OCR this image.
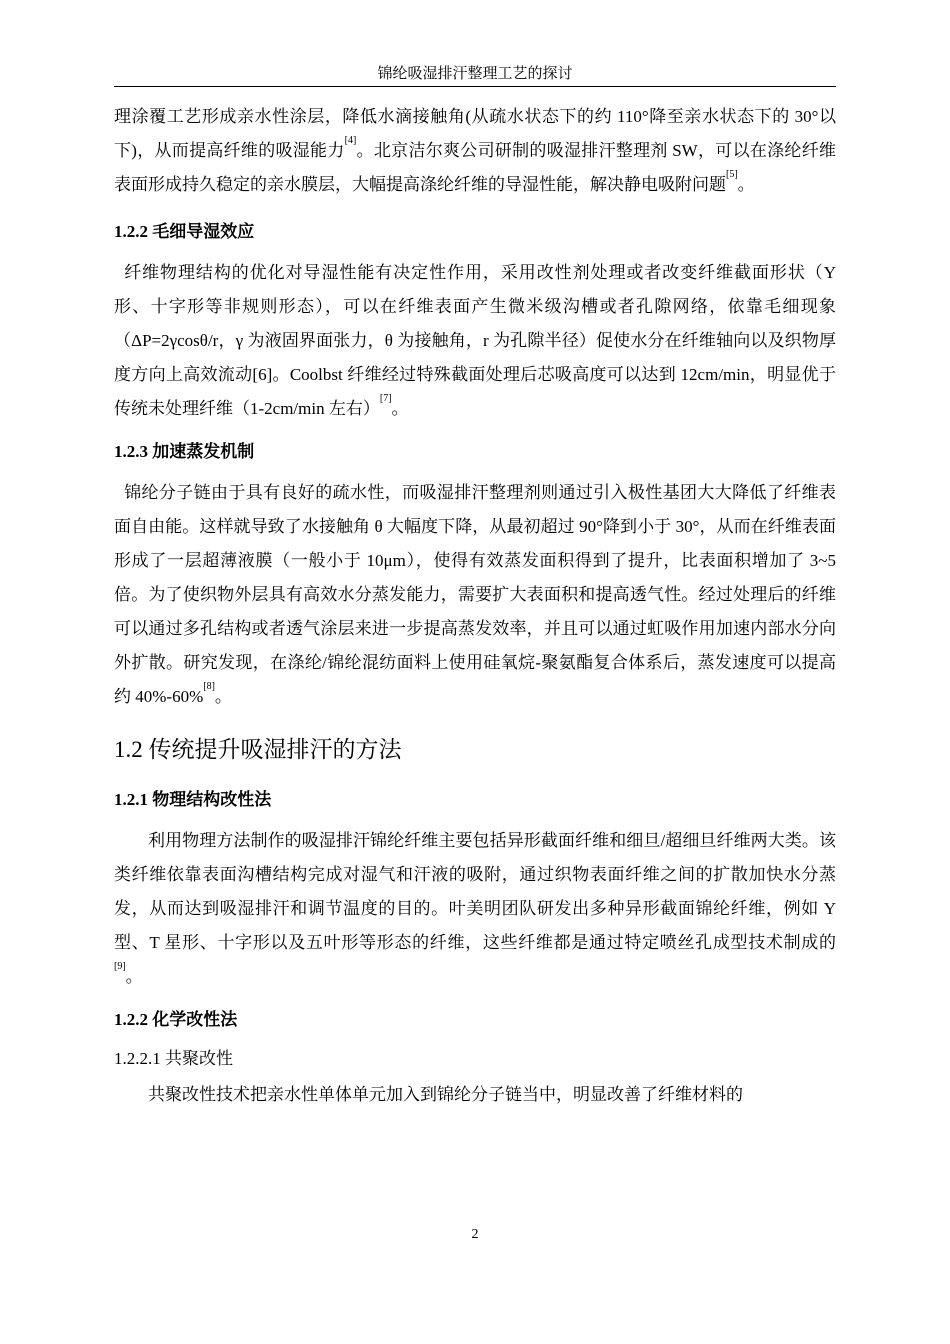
锦纶吸湿排汗整理工艺的探讨

理涂覆工艺形成亲水性涂层，降低水滴接触角(从疏水状态下的约 110°降至亲水状态下的 30°以下)，从而提高纤维的吸湿能力[4]。北京洁尔爽公司研制的吸湿排汗整理剂 SW，可以在涤纶纤维表面形成持久稳定的亲水膜层，大幅提高涤纶纤维的导湿性能，解决静电吸附问题[5]。

1.2.2 毛细导湿效应

纤维物理结构的优化对导湿性能有决定性作用，采用改性剂处理或者改变纤维截面形状（Y 形、十字形等非规则形态），可以在纤维表面产生微米级沟槽或者孔隙网络，依靠毛细现象（ΔP=2γcosθ/r，γ 为液固界面张力，θ 为接触角，r 为孔隙半径）促使水分在纤维轴向以及织物厚度方向上高效流动[6]。Coolbst 纤维经过特殊截面处理后芯吸高度可以达到 12cm/min，明显优于传统未处理纤维（1-2cm/min 左右）[7]。

1.2.3 加速蒸发机制

锦纶分子链由于具有良好的疏水性，而吸湿排汗整理剂则通过引入极性基团大大降低了纤维表面自由能。这样就导致了水接触角 θ 大幅度下降，从最初超过 90°降到小于 30°，从而在纤维表面形成了一层超薄液膜（一般小于 10μm），使得有效蒸发面积得到了提升，比表面积增加了 3~5 倍。为了使织物外层具有高效水分蒸发能力，需要扩大表面积和提高透气性。经过处理后的纤维可以通过多孔结构或者透气涂层来进一步提高蒸发效率，并且可以通过虹吸作用加速内部水分向外扩散。研究发现，在涤纶/锦纶混纺面料上使用硅氧烷-聚氨酯复合体系后，蒸发速度可以提高约 40%-60%[8]。

1.2 传统提升吸湿排汗的方法
1.2.1 物理结构改性法

利用物理方法制作的吸湿排汗锦纶纤维主要包括异形截面纤维和细旦/超细旦纤维两大类。该类纤维依靠表面沟槽结构完成对湿气和汗液的吸附，通过织物表面纤维之间的扩散加快水分蒸发，从而达到吸湿排汗和调节温度的目的。叶美明团队研发出多种异形截面锦纶纤维，例如 Y 型、T 星形、十字形以及五叶形等形态的纤维，这些纤维都是通过特定喷丝孔成型技术制成的[9]。

1.2.2 化学改性法
1.2.2.1 共聚改性

共聚改性技术把亲水性单体单元加入到锦纶分子链当中，明显改善了纤维材料的

2
